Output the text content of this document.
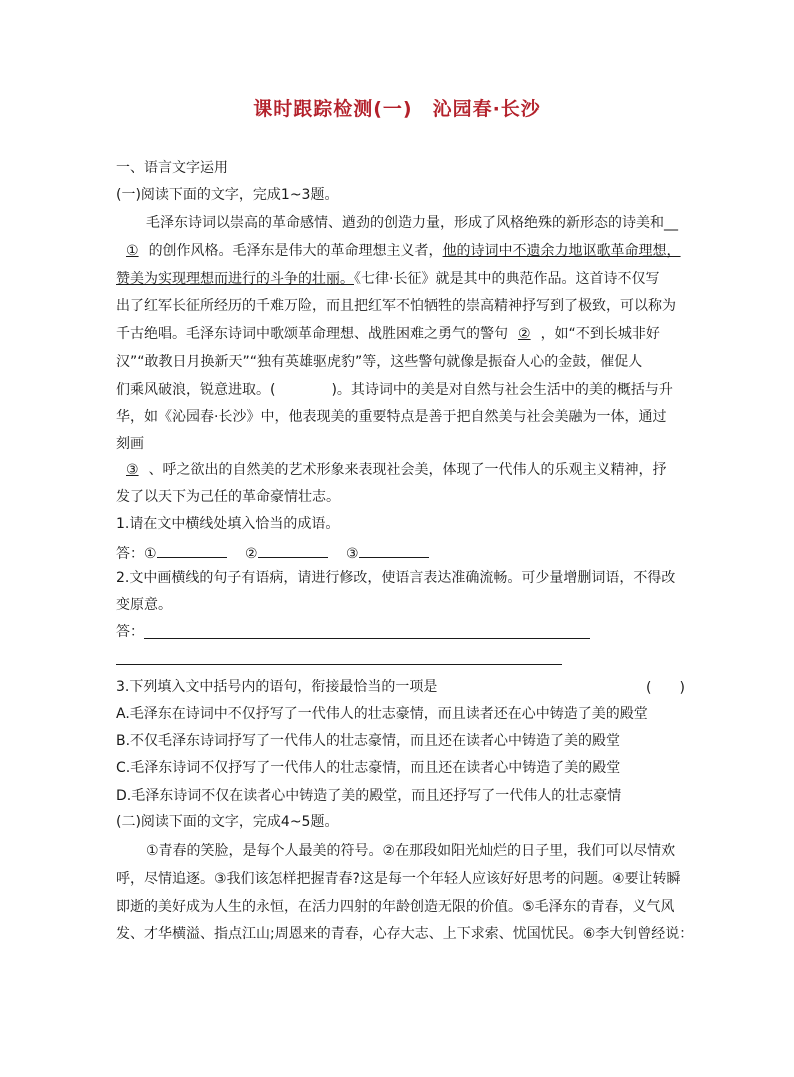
课时跟踪检测(一)　沁园春·长沙
一、语言文字运用
(一)阅读下面的文字，完成1~3题。
毛泽东诗词以崇高的革命感情、遒劲的创造力量，形成了风格绝殊的新形态的诗美和__
① 的创作风格。毛泽东是伟大的革命理想主义者，他的诗词中不遗余力地讴歌革命理想，
赞美为实现理想而进行的斗争的壮丽。《七律·长征》就是其中的典范作品。这首诗不仅写
出了红军长征所经历的千难万险，而且把红军不怕牺牲的崇高精神抒写到了极致，可以称为
千古绝唱。毛泽东诗词中歌颂革命理想、战胜困难之勇气的警句 ② ，如“不到长城非好
汉”“敢教日月换新天”“独有英雄驱虎豹”等，这些警句就像是振奋人心的金鼓，催促人
们乘风破浪，锐意进取。(　　　　)。其诗词中的美是对自然与社会生活中的美的概括与升
华，如《沁园春·长沙》中，他表现美的重要特点是善于把自然美与社会美融为一体，通过
刻画
③ 、呼之欲出的自然美的艺术形象来表现社会美，体现了一代伟人的乐观主义精神，抒
发了以天下为己任的革命豪情壮志。
1.请在文中横线处填入恰当的成语。
答：①	②	③
2.文中画横线的句子有语病，请进行修改，使语言表达准确流畅。可少量增删词语，不得改
变原意。
答：
3.下列填入文中括号内的语句，衔接最恰当的一项是	(　　)
A.毛泽东在诗词中不仅抒写了一代伟人的壮志豪情，而且读者还在心中铸造了美的殿堂
B.不仅毛泽东诗词抒写了一代伟人的壮志豪情，而且还在读者心中铸造了美的殿堂
C.毛泽东诗词不仅抒写了一代伟人的壮志豪情，而且还在读者心中铸造了美的殿堂
D.毛泽东诗词不仅在读者心中铸造了美的殿堂，而且还抒写了一代伟人的壮志豪情
(二)阅读下面的文字，完成4~5题。
①青春的笑脸，是每个人最美的符号。②在那段如阳光灿烂的日子里，我们可以尽情欢
呼，尽情追逐。③我们该怎样把握青春?这是每一个年轻人应该好好思考的问题。④要让转瞬
即逝的美好成为人生的永恒，在活力四射的年龄创造无限的价值。⑤毛泽东的青春，义气风
发、才华横溢、指点江山;周恩来的青春，心存大志、上下求索、忧国忧民。⑥李大钊曾经说：
